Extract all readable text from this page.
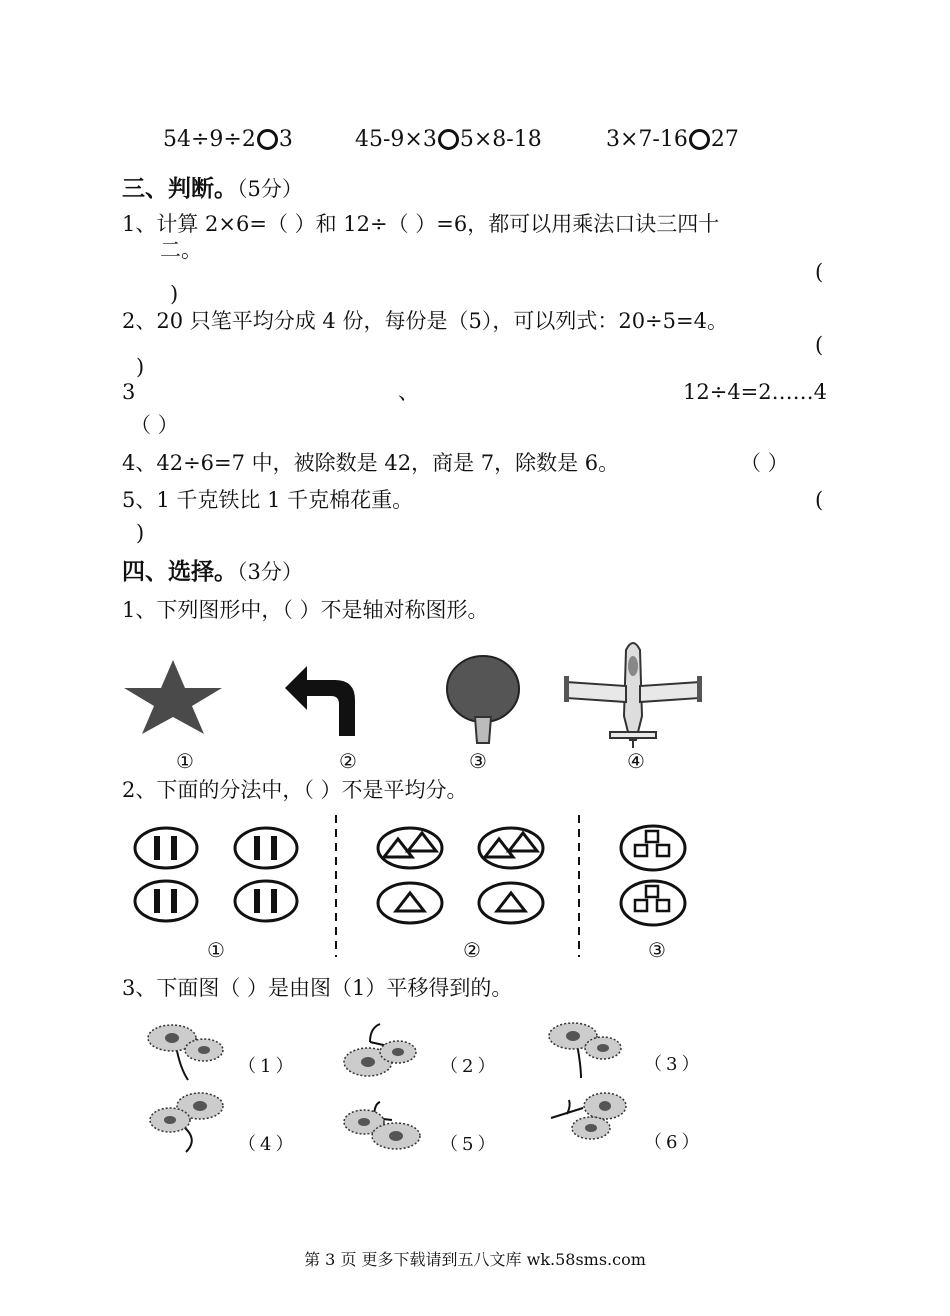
54÷9÷2 3	45-9×3 5×8-18	3×7-16 27
三、判断。（5分）
1、计算 2×6=（ ）和 12÷（ ）=6，都可以用乘法口诀三四十
二。
(
)
2、20 只笔平均分成 4 份，每份是（5），可以列式：20÷5=4。
(
)
3	、	12÷4=2……4
（ ）
4、42÷6=7 中，被除数是 42，商是 7，除数是 6。	（ ）
5、1 千克铁比 1 千克棉花重。	(
)
四、选择。（3分）
1、下列图形中，（ ）不是轴对称图形。
①	②	③	④
2、下面的分法中，（ ）不是平均分。
①	②	③
3、下面图（ ）是由图（1）平移得到的。
（1）	（2）	（3）
（4）	（5）	（6）
第 3 页 更多下载请到五八文库 wk.58sms.com
